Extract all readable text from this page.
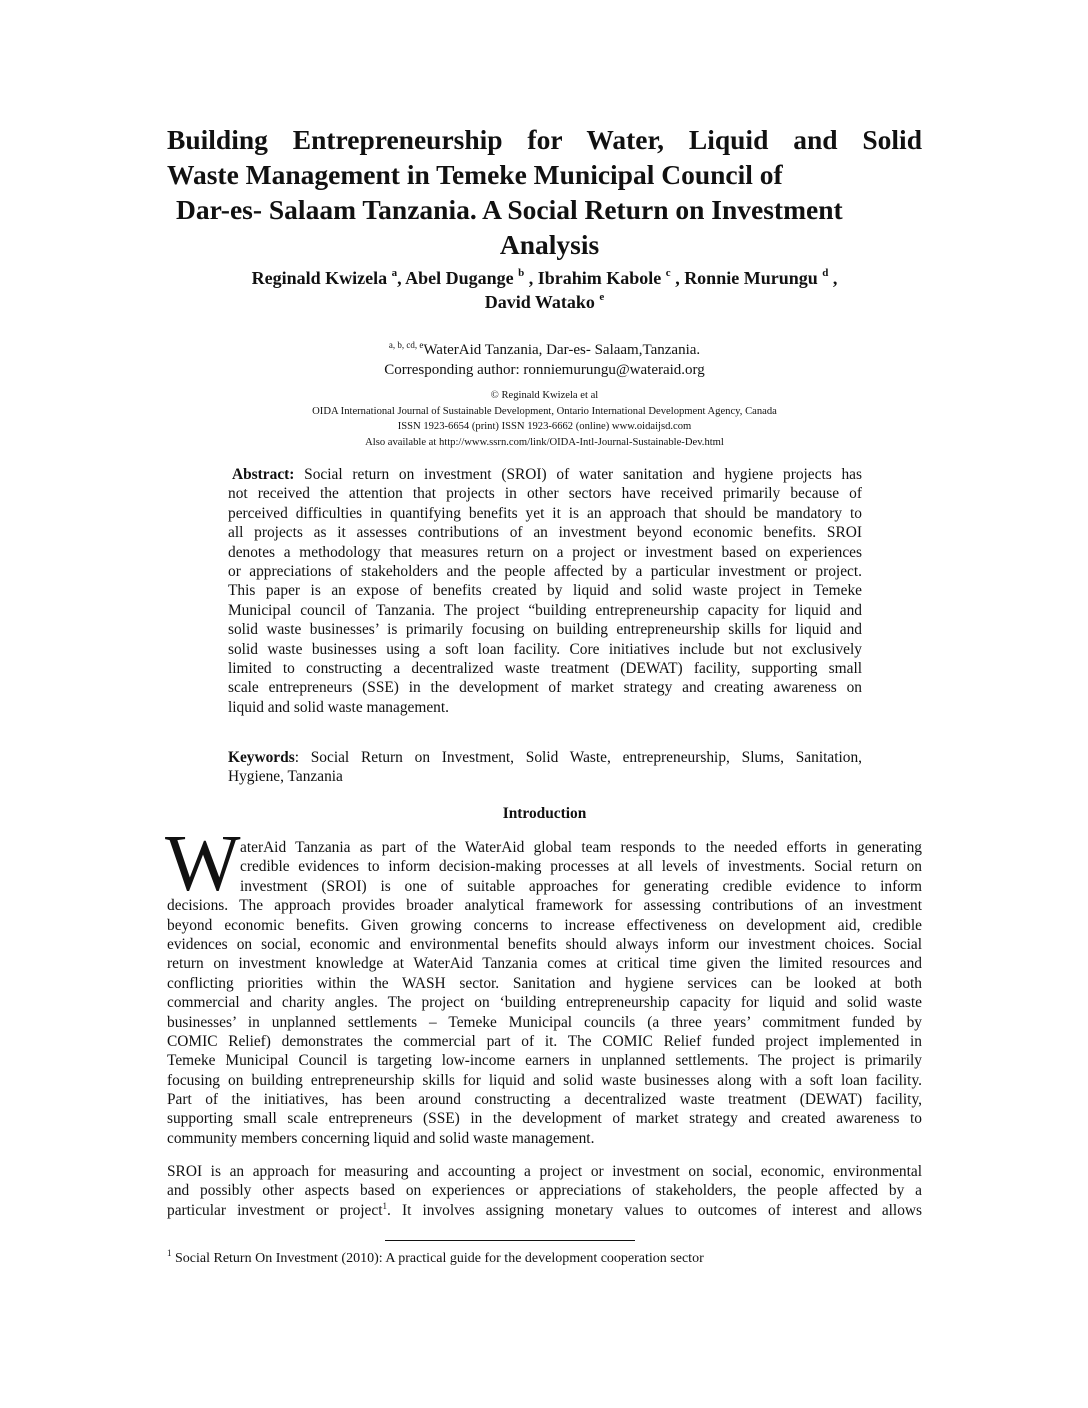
Building Entrepreneurship for Water, Liquid and Solid
Waste Management in Temeke Municipal Council of
Dar-es- Salaam Tanzania. A Social Return on Investment
Analysis
Reginald Kwizela $^a$, Abel Dugange $^b$ , Ibrahim Kabole $^c$ , Ronnie Murungu $^d$ ,
David Watako $^e$
$^{a, b, cd, e}$WaterAid Tanzania, Dar-es- Salaam,Tanzania.
Corresponding author: ronniemurungu@wateraid.org
© Reginald Kwizela et al
OIDA International Journal of Sustainable Development, Ontario International Development Agency, Canada
ISSN 1923-6654 (print) ISSN 1923-6662 (online) www.oidaijsd.com
Also available at http://www.ssrn.com/link/OIDA-Intl-Journal-Sustainable-Dev.html
Abstract: Social return on investment (SROI) of water sanitation and hygiene projects has
not received the attention that projects in other sectors have received primarily because of
perceived difficulties in quantifying benefits yet it is an approach that should be mandatory to
all projects as it assesses contributions of an investment beyond economic benefits. SROI
denotes a methodology that measures return on a project or investment based on experiences
or appreciations of stakeholders and the people affected by a particular investment or project.
This paper is an expose of benefits created by liquid and solid waste project in Temeke
Municipal council of Tanzania. The project “building entrepreneurship capacity for liquid and
solid waste businesses’ is primarily focusing on building entrepreneurship skills for liquid and
solid waste businesses using a soft loan facility. Core initiatives include but not exclusively
limited to constructing a decentralized waste treatment (DEWAT) facility, supporting small
scale entrepreneurs (SSE) in the development of market strategy and creating awareness on
liquid and solid waste management.
Keywords: Social Return on Investment, Solid Waste, entrepreneurship, Slums, Sanitation,
Hygiene, Tanzania
Introduction
W aterAid Tanzania as part of the WaterAid global team responds to the needed efforts in generating
credible evidences to inform decision-making processes at all levels of investments. Social return on
investment (SROI) is one of suitable approaches for generating credible evidence to inform
decisions. The approach provides broader analytical framework for assessing contributions of an investment
beyond economic benefits. Given growing concerns to increase effectiveness on development aid, credible
evidences on social, economic and environmental benefits should always inform our investment choices. Social
return on investment knowledge at WaterAid Tanzania comes at critical time given the limited resources and
conflicting priorities within the WASH sector. Sanitation and hygiene services can be looked at both
commercial and charity angles. The project on ‘building entrepreneurship capacity for liquid and solid waste
businesses’ in unplanned settlements – Temeke Municipal councils (a three years’ commitment funded by
COMIC Relief) demonstrates the commercial part of it. The COMIC Relief funded project implemented in
Temeke Municipal Council is targeting low-income earners in unplanned settlements. The project is primarily
focusing on building entrepreneurship skills for liquid and solid waste businesses along with a soft loan facility.
Part of the initiatives, has been around constructing a decentralized waste treatment (DEWAT) facility,
supporting small scale entrepreneurs (SSE) in the development of market strategy and created awareness to
community members concerning liquid and solid waste management.
SROI is an approach for measuring and accounting a project or investment on social, economic, environmental
and possibly other aspects based on experiences or appreciations of stakeholders, the people affected by a
particular investment or project$^1$. It involves assigning monetary values to outcomes of interest and allows
$^1$ Social Return On Investment (2010): A practical guide for the development cooperation sector
